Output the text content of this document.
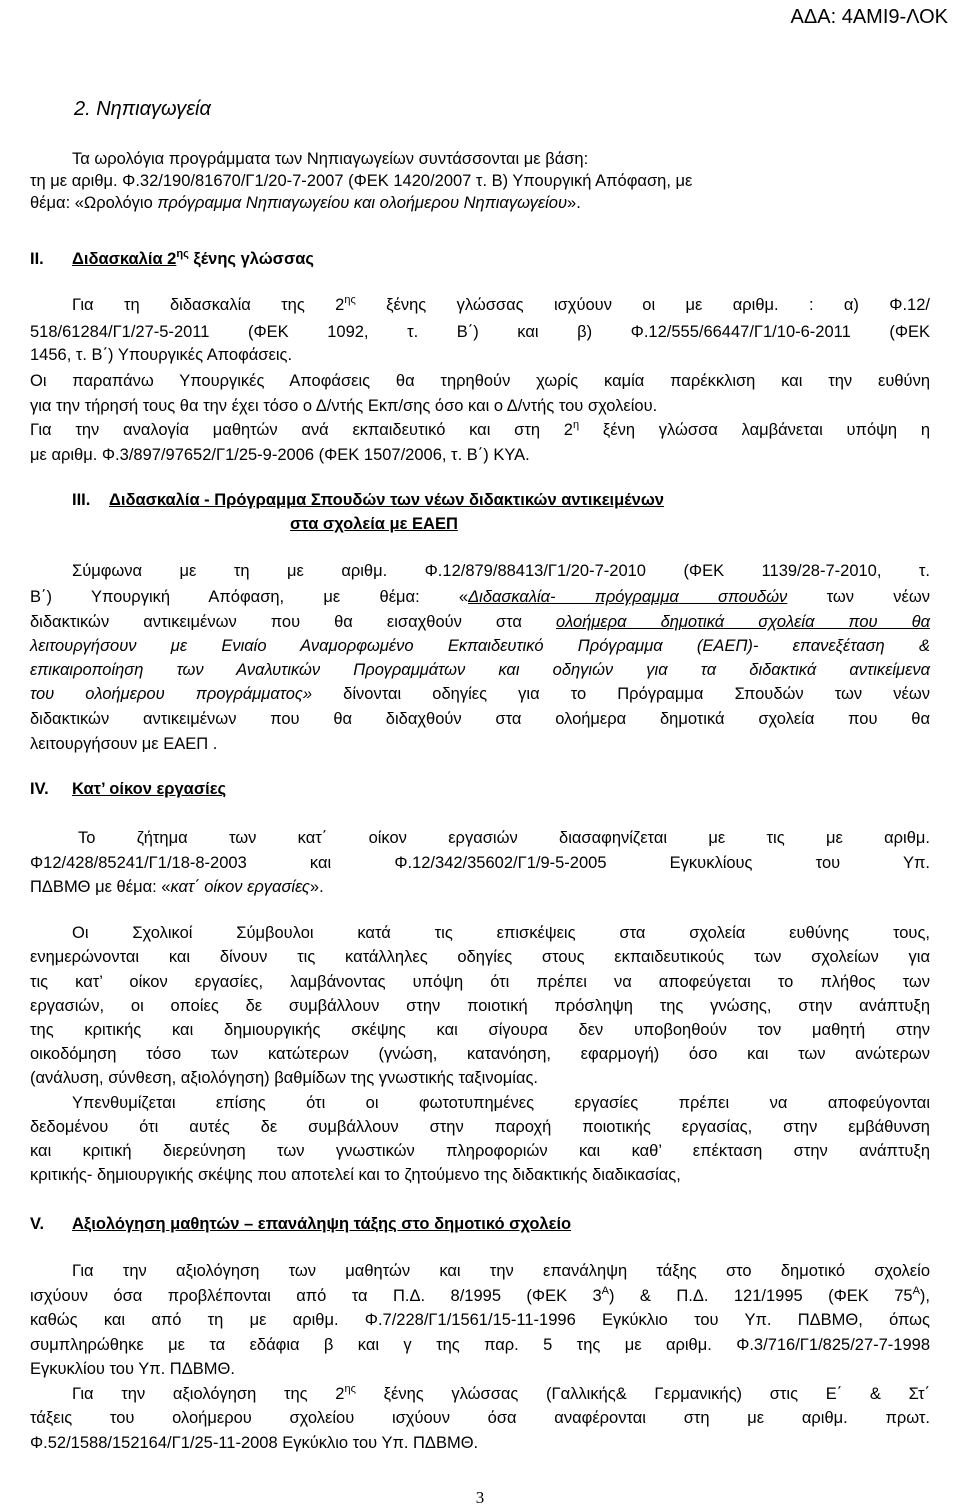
ΑΔΑ: 4ΑΜΙ9-ΛΟΚ
2. Νηπιαγωγεία
Τα ωρολόγια προγράμματα των Νηπιαγωγείων συντάσσονται με βάση:
τη με αριθμ. Φ.32/190/81670/Γ1/20-7-2007 (ΦΕΚ 1420/2007 τ. Β) Υπουργική Απόφαση, με
θέμα: «Ωρολόγιο πρόγραμμα Νηπιαγωγείου και ολοήμερου Νηπιαγωγείου».
II. Διδασκαλία $2^{\eta\varsigma}$ ξένης γλώσσας
Για τη διδασκαλία της $2^{\eta\varsigma}$ ξένης γλώσσας ισχύουν οι με αριθμ. : α) Φ.12/
518/61284/Γ1/27-5-2011 (ΦΕΚ 1092, τ. Β΄) και β) Φ.12/555/66447/Γ1/10-6-2011 (ΦΕΚ
1456, τ. Β΄) Υπουργικές Αποφάσεις.
Οι παραπάνω Υπουργικές Αποφάσεις θα τηρηθούν χωρίς καμία παρέκκλιση και την ευθύνη
για την τήρησή τους θα την έχει τόσο ο Δ/ντής Εκπ/σης όσο και ο Δ/ντής του σχολείου.
Για την αναλογία μαθητών ανά εκπαιδευτικό και στη $2^\eta$ ξένη γλώσσα λαμβάνεται υπόψη η
με αριθμ. Φ.3/897/97652/Γ1/25-9-2006 (ΦΕΚ 1507/2006, τ. Β΄) ΚΥΑ.
III. Διδασκαλία - Πρόγραμμα Σπουδών των νέων διδακτικών αντικειμένων
στα σχολεία με ΕΑΕΠ
Σύμφωνα με τη με αριθμ. Φ.12/879/88413/Γ1/20-7-2010 (ΦΕΚ 1139/28-7-2010, τ.
Β΄) Υπουργική Απόφαση, με θέμα: «Διδασκαλία- πρόγραμμα σπουδών των νέων
διδακτικών αντικειμένων που θα εισαχθούν στα ολοήμερα δημοτικά σχολεία που θα
λειτουργήσουν με Ενιαίο Αναμορφωμένο Εκπαιδευτικό Πρόγραμμα (ΕΑΕΠ)- επανεξέταση &
επικαιροποίηση των Αναλυτικών Προγραμμάτων και οδηγιών για τα διδακτικά αντικείμενα
του ολοήμερου προγράμματος» δίνονται οδηγίες για το Πρόγραμμα Σπουδών των νέων
διδακτικών αντικειμένων που θα διδαχθούν στα ολοήμερα δημοτικά σχολεία που θα
λειτουργήσουν με ΕΑΕΠ .
IV. Κατ’ οίκον εργασίες
Το ζήτημα των κατ΄ οίκον εργασιών διασαφηνίζεται με τις με αριθμ.
Φ12/428/85241/Γ1/18-8-2003 και Φ.12/342/35602/Γ1/9-5-2005 Εγκυκλίους του Υπ.
ΠΔΒΜΘ με θέμα: «κατ΄ οίκον εργασίες».
Οι Σχολικοί Σύμβουλοι κατά τις επισκέψεις στα σχολεία ευθύνης τους,
ενημερώνονται και δίνουν τις κατάλληλες οδηγίες στους εκπαιδευτικούς των σχολείων για
τις κατ’ οίκον εργασίες, λαμβάνοντας υπόψη ότι πρέπει να αποφεύγεται το πλήθος των
εργασιών, οι οποίες δε συμβάλλουν στην ποιοτική πρόσληψη της γνώσης, στην ανάπτυξη
της κριτικής και δημιουργικής σκέψης και σίγουρα δεν υποβοηθούν τον μαθητή στην
οικοδόμηση τόσο των κατώτερων (γνώση, κατανόηση, εφαρμογή) όσο και των ανώτερων
(ανάλυση, σύνθεση, αξιολόγηση) βαθμίδων της γνωστικής ταξινομίας.
Υπενθυμίζεται επίσης ότι οι φωτοτυπημένες εργασίες πρέπει να αποφεύγονται
δεδομένου ότι αυτές δε συμβάλλουν στην παροχή ποιοτικής εργασίας, στην εμβάθυνση
και κριτική διερεύνηση των γνωστικών πληροφοριών και καθ’ επέκταση στην ανάπτυξη
κριτικής- δημιουργικής σκέψης που αποτελεί και το ζητούμενο της διδακτικής διαδικασίας,
V. Αξιολόγηση μαθητών – επανάληψη τάξης στο δημοτικό σχολείο
Για την αξιολόγηση των μαθητών και την επανάληψη τάξης στο δημοτικό σχολείο
ισχύουν όσα προβλέπονται από τα Π.Δ. 8/1995 (ΦΕΚ $3^A$) & Π.Δ. 121/1995 (ΦΕΚ $75^A$),
καθώς και από τη με αριθμ. Φ.7/228/Γ1/1561/15-11-1996 Εγκύκλιο του Υπ. ΠΔΒΜΘ, όπως
συμπληρώθηκε με τα εδάφια β και γ της παρ. 5 της με αριθμ. Φ.3/716/Γ1/825/27-7-1998
Εγκυκλίου του Υπ. ΠΔΒΜΘ.
Για την αξιολόγηση της $2^{\eta\varsigma}$ ξένης γλώσσας (Γαλλικής& Γερμανικής) στις Ε΄ & Στ΄
τάξεις του ολοήμερου σχολείου ισχύουν όσα αναφέρονται στη με αριθμ. πρωτ.
Φ.52/1588/152164/Γ1/25-11-2008 Εγκύκλιο του Υπ. ΠΔΒΜΘ.
3
